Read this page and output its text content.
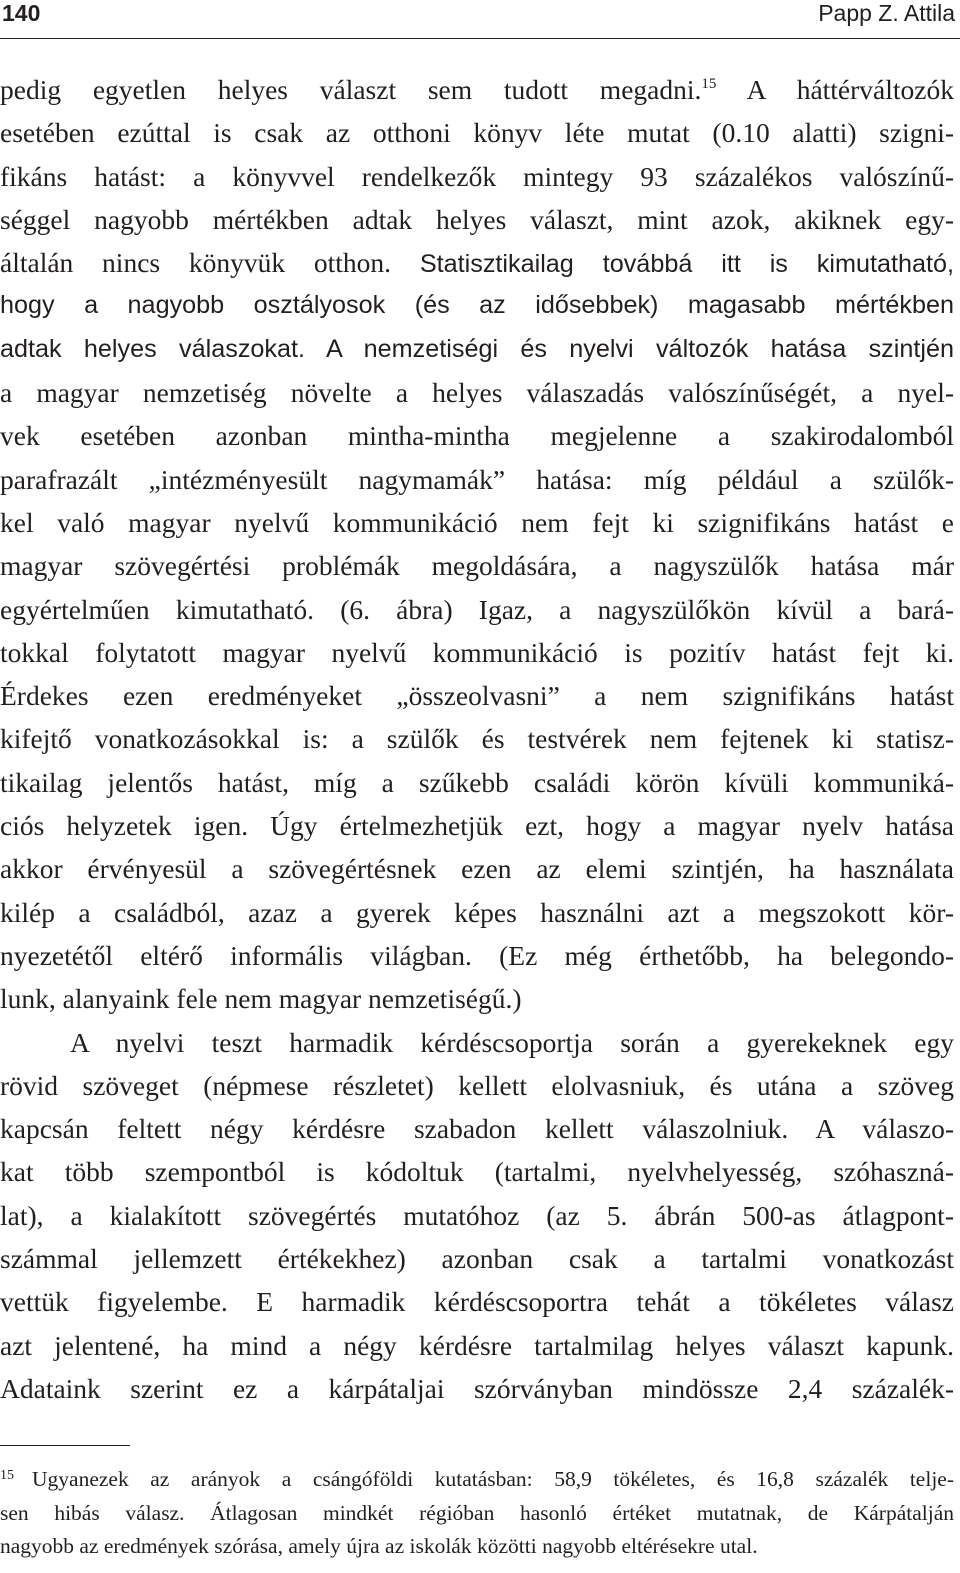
140	Papp Z. Attila
pedig egyetlen helyes választ sem tudott megadni.$^{15}$ A háttérváltozók
esetében ezúttal is csak az otthoni könyv léte mutat (0.10 alatti) szigni-
fikáns hatást: a könyvvel rendelkezők mintegy 93 százalékos valószínű-
séggel nagyobb mértékben adtak helyes választ, mint azok, akiknek egy-
általán nincs könyvük otthon. Statisztikailag továbbá itt is kimutatható,
hogy a nagyobb osztályosok (és az idősebbek) magasabb mértékben
adtak helyes válaszokat. A nemzetiségi és nyelvi változók hatása szintjén
a magyar nemzetiség növelte a helyes válaszadás valószínűségét, a nyel-
vek esetében azonban mintha-mintha megjelenne a szakirodalomból
parafrazált „intézményesült nagymamák” hatása: míg például a szülők-
kel való magyar nyelvű kommunikáció nem fejt ki szignifikáns hatást e
magyar szövegértési problémák megoldására, a nagyszülők hatása már
egyértelműen kimutatható. (6. ábra) Igaz, a nagyszülőkön kívül a bará-
tokkal folytatott magyar nyelvű kommunikáció is pozitív hatást fejt ki.
Érdekes ezen eredményeket „összeolvasni” a nem szignifikáns hatást
kifejtő vonatkozásokkal is: a szülők és testvérek nem fejtenek ki statisz-
tikailag jelentős hatást, míg a szűkebb családi körön kívüli kommuniká-
ciós helyzetek igen. Úgy értelmezhetjük ezt, hogy a magyar nyelv hatása
akkor érvényesül a szövegértésnek ezen az elemi szintjén, ha használata
kilép a családból, azaz a gyerek képes használni azt a megszokott kör-
nyezetétől eltérő informális világban. (Ez még érthetőbb, ha belegondo-
lunk, alanyaink fele nem magyar nemzetiségű.)
A nyelvi teszt harmadik kérdéscsoportja során a gyerekeknek egy
rövid szöveget (népmese részletet) kellett elolvasniuk, és utána a szöveg
kapcsán feltett négy kérdésre szabadon kellett válaszolniuk. A válaszo-
kat több szempontból is kódoltuk (tartalmi, nyelvhelyesség, szóhaszná-
lat), a kialakított szövegértés mutatóhoz (az 5. ábrán 500-as átlagpont-
számmal jellemzett értékekhez) azonban csak a tartalmi vonatkozást
vettük figyelembe. E harmadik kérdéscsoportra tehát a tökéletes válasz
azt jelentené, ha mind a négy kérdésre tartalmilag helyes választ kapunk.
Adataink szerint ez a kárpátaljai szórványban mindössze 2,4 százalék-
$^{15}$ Ugyanezek az arányok a csángóföldi kutatásban: 58,9 tökéletes, és 16,8 százalék telje-
sen hibás válasz. Átlagosan mindkét régióban hasonló értéket mutatnak, de Kárpátalján
nagyobb az eredmények szórása, amely újra az iskolák közötti nagyobb eltérésekre utal.
